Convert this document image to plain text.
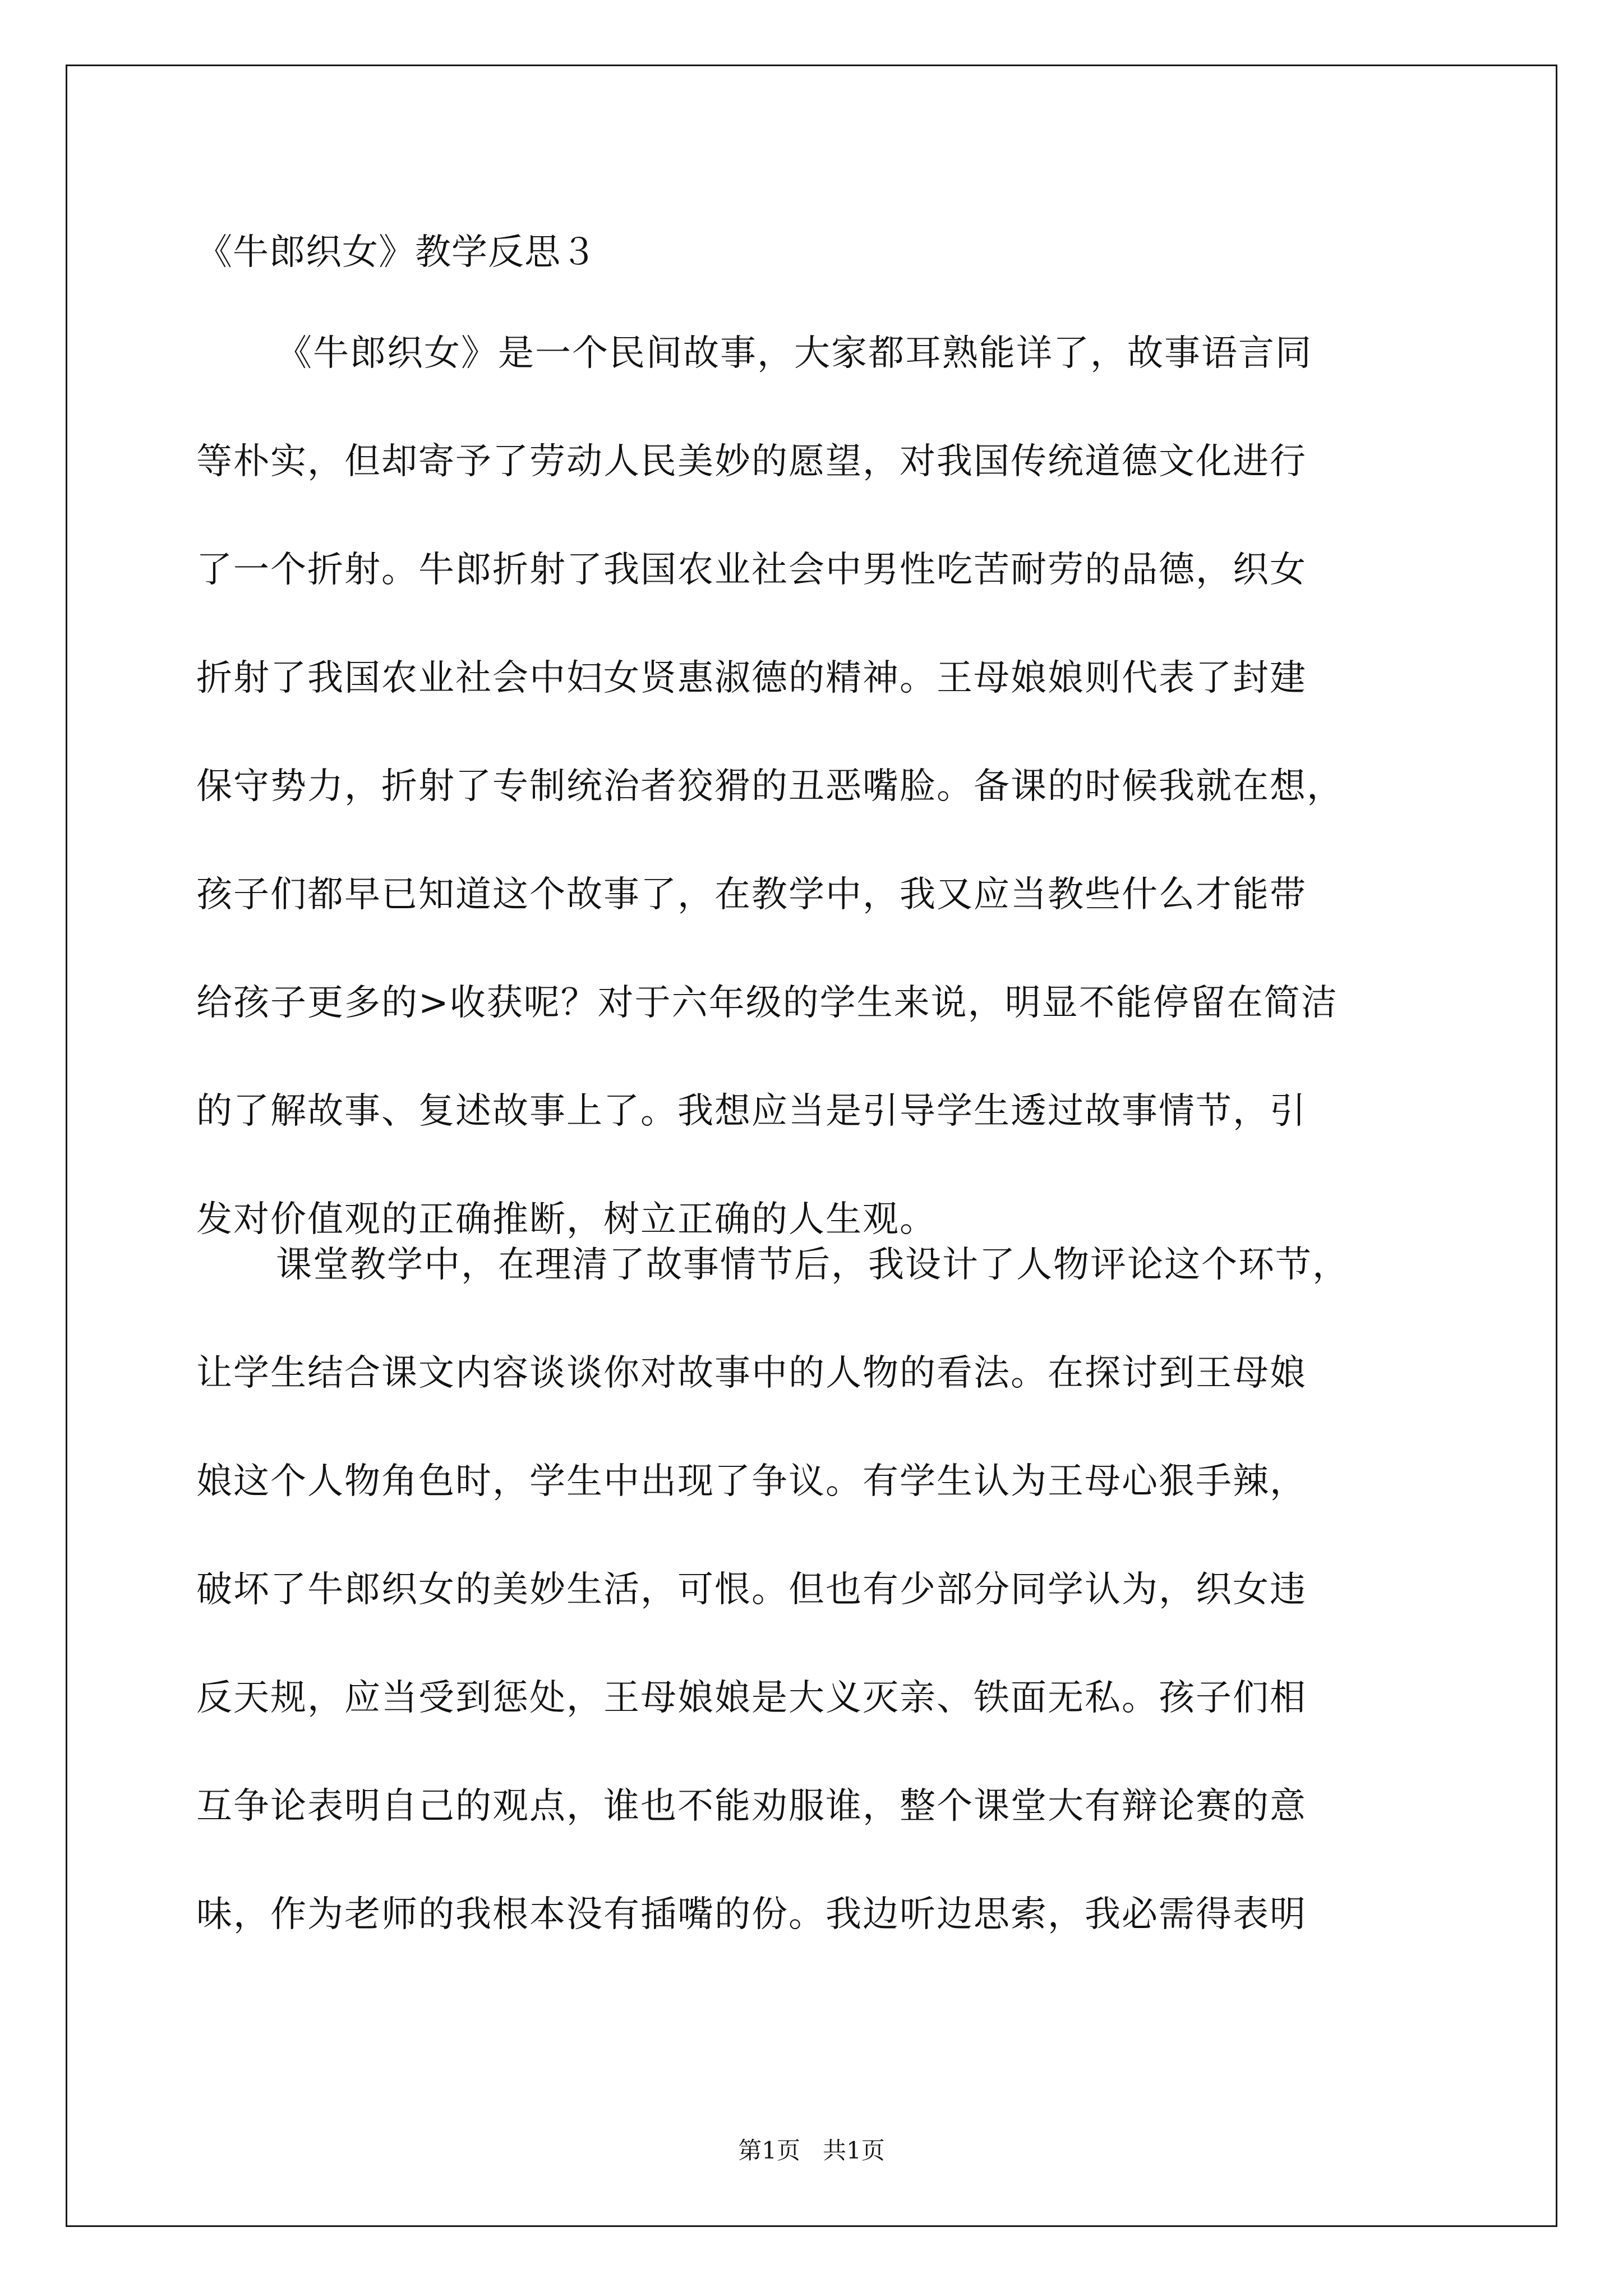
《牛郎织女》教学反思３
《牛郎织女》是一个民间故事，大家都耳熟能详了，故事语言同
等朴实，但却寄予了劳动人民美妙的愿望，对我国传统道德文化进行
了一个折射。牛郎折射了我国农业社会中男性吃苦耐劳的品德，织女
折射了我国农业社会中妇女贤惠淑德的精神。王母娘娘则代表了封建
保守势力，折射了专制统治者狡猾的丑恶嘴脸。备课的时候我就在想，
孩子们都早已知道这个故事了，在教学中，我又应当教些什么才能带
给孩子更多的>收获呢？对于六年级的学生来说，明显不能停留在简洁
的了解故事、复述故事上了。我想应当是引导学生透过故事情节，引
发对价值观的正确推断，树立正确的人生观。
课堂教学中，在理清了故事情节后，我设计了人物评论这个环节，
让学生结合课文内容谈谈你对故事中的人物的看法。在探讨到王母娘
娘这个人物角色时，学生中出现了争议。有学生认为王母心狠手辣，
破坏了牛郎织女的美妙生活，可恨。但也有少部分同学认为，织女违
反天规，应当受到惩处，王母娘娘是大义灭亲、铁面无私。孩子们相
互争论表明自己的观点，谁也不能劝服谁，整个课堂大有辩论赛的意
味，作为老师的我根本没有插嘴的份。我边听边思索，我必需得表明
第1页   共1页
